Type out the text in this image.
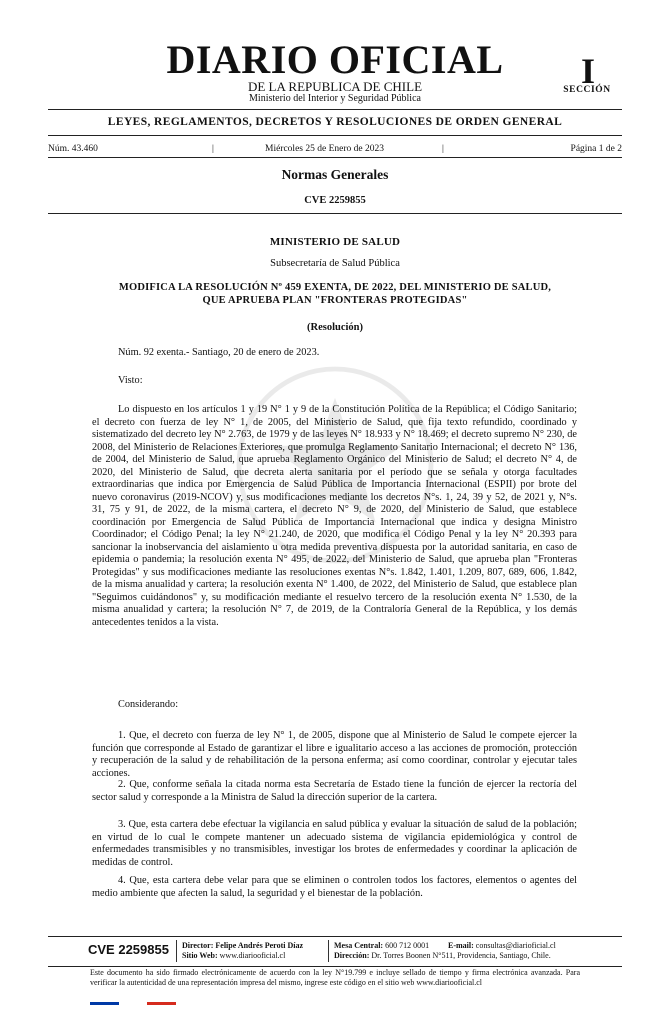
DIARIO OFICIAL
DE LA REPUBLICA DE CHILE
Ministerio del Interior y Seguridad Pública
I
SECCIÓN
LEYES, REGLAMENTOS, DECRETOS Y RESOLUCIONES DE ORDEN GENERAL
Núm. 43.460	|	Miércoles 25 de Enero de 2023	|	Página 1 de 2
Normas Generales
CVE 2259855
MINISTERIO DE SALUD
Subsecretaría de Salud Pública
MODIFICA LA RESOLUCIÓN Nº 459 EXENTA, DE 2022, DEL MINISTERIO DE SALUD, QUE APRUEBA PLAN "FRONTERAS PROTEGIDAS"
(Resolución)
Núm. 92 exenta.- Santiago, 20 de enero de 2023.
Visto:
Lo dispuesto en los artículos 1 y 19 N° 1 y 9 de la Constitución Política de la República; el Código Sanitario; el decreto con fuerza de ley N° 1, de 2005, del Ministerio de Salud, que fija texto refundido, coordinado y sistematizado del decreto ley N° 2.763, de 1979 y de las leyes N° 18.933 y N° 18.469; el decreto supremo N° 230, de 2008, del Ministerio de Relaciones Exteriores, que promulga Reglamento Sanitario Internacional; el decreto N° 136, de 2004, del Ministerio de Salud, que aprueba Reglamento Orgánico del Ministerio de Salud; el decreto N° 4, de 2020, del Ministerio de Salud, que decreta alerta sanitaria por el período que se señala y otorga facultades extraordinarias que indica por Emergencia de Salud Pública de Importancia Internacional (ESPII) por brote del nuevo coronavirus (2019-NCOV) y, sus modificaciones mediante los decretos N°s. 1, 24, 39 y 52, de 2021 y, N°s. 31, 75 y 91, de 2022, de la misma cartera, el decreto N° 9, de 2020, del Ministerio de Salud, que establece coordinación por Emergencia de Salud Pública de Importancia Internacional que indica y designa Ministro Coordinador; el Código Penal; la ley N° 21.240, de 2020, que modifica el Código Penal y la ley N° 20.393 para sancionar la inobservancia del aislamiento u otra medida preventiva dispuesta por la autoridad sanitaria, en caso de epidemia o pandemia; la resolución exenta N° 495, de 2022, del Ministerio de Salud, que aprueba plan "Fronteras Protegidas" y sus modificaciones mediante las resoluciones exentas N°s. 1.842, 1.401, 1.209, 807, 689, 606, 1.842, de la misma anualidad y cartera; la resolución exenta N° 1.400, de 2022, del Ministerio de Salud, que establece plan "Seguimos cuidándonos" y, su modificación mediante el resuelvo tercero de la resolución exenta N° 1.530, de la misma anualidad y cartera; la resolución N° 7, de 2019, de la Contraloría General de la República, y los demás antecedentes tenidos a la vista.
Considerando:
1. Que, el decreto con fuerza de ley N° 1, de 2005, dispone que al Ministerio de Salud le compete ejercer la función que corresponde al Estado de garantizar el libre e igualitario acceso a las acciones de promoción, protección y recuperación de la salud y de rehabilitación de la persona enferma; así como coordinar, controlar y ejecutar tales acciones.
2. Que, conforme señala la citada norma esta Secretaría de Estado tiene la función de ejercer la rectoría del sector salud y corresponde a la Ministra de Salud la dirección superior de la cartera.
3. Que, esta cartera debe efectuar la vigilancia en salud pública y evaluar la situación de salud de la población; en virtud de lo cual le compete mantener un adecuado sistema de vigilancia epidemiológica y control de enfermedades transmisibles y no transmisibles, investigar los brotes de enfermedades y coordinar la aplicación de medidas de control.
4. Que, esta cartera debe velar para que se eliminen o controlen todos los factores, elementos o agentes del medio ambiente que afecten la salud, la seguridad y el bienestar de la población.
CVE 2259855 Director: Felipe Andrés Peroti Díaz
Sitio Web: www.diariooficial.cl
Mesa Central: 600 712 0001 E-mail: consultas@diarioficial.cl
Dirección: Dr. Torres Boonen N°511, Providencia, Santiago, Chile.
Este documento ha sido firmado electrónicamente de acuerdo con la ley N°19.799 e incluye sellado de tiempo y firma electrónica avanzada. Para verificar la autenticidad de una representación impresa del mismo, ingrese este código en el sitio web www.diariooficial.cl
